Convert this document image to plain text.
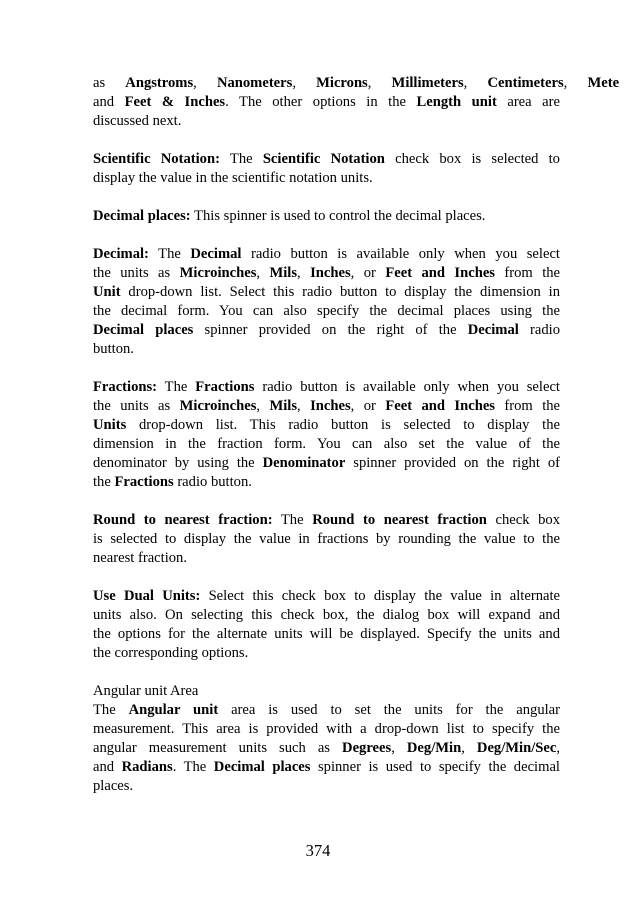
as Angstroms, Nanometers, Microns, Millimeters, Centimeters, Mete
and Feet & Inches. The other options in the Length unit area are
discussed next.
Scientific Notation: The Scientific Notation check box is selected to
display the value in the scientific notation units.
Decimal places: This spinner is used to control the decimal places.
Decimal: The Decimal radio button is available only when you select
the units as Microinches, Mils, Inches, or Feet and Inches from the
Unit drop-down list. Select this radio button to display the dimension in
the decimal form. You can also specify the decimal places using the
Decimal places spinner provided on the right of the Decimal radio
button.
Fractions: The Fractions radio button is available only when you select
the units as Microinches, Mils, Inches, or Feet and Inches from the
Units drop-down list. This radio button is selected to display the
dimension in the fraction form. You can also set the value of the
denominator by using the Denominator spinner provided on the right of
the Fractions radio button.
Round to nearest fraction: The Round to nearest fraction check box
is selected to display the value in fractions by rounding the value to the
nearest fraction.
Use Dual Units: Select this check box to display the value in alternate
units also. On selecting this check box, the dialog box will expand and
the options for the alternate units will be displayed. Specify the units and
the corresponding options.
Angular unit Area
The Angular unit area is used to set the units for the angular
measurement. This area is provided with a drop-down list to specify the
angular measurement units such as Degrees, Deg/Min, Deg/Min/Sec,
and Radians. The Decimal places spinner is used to specify the decimal
places.
374
